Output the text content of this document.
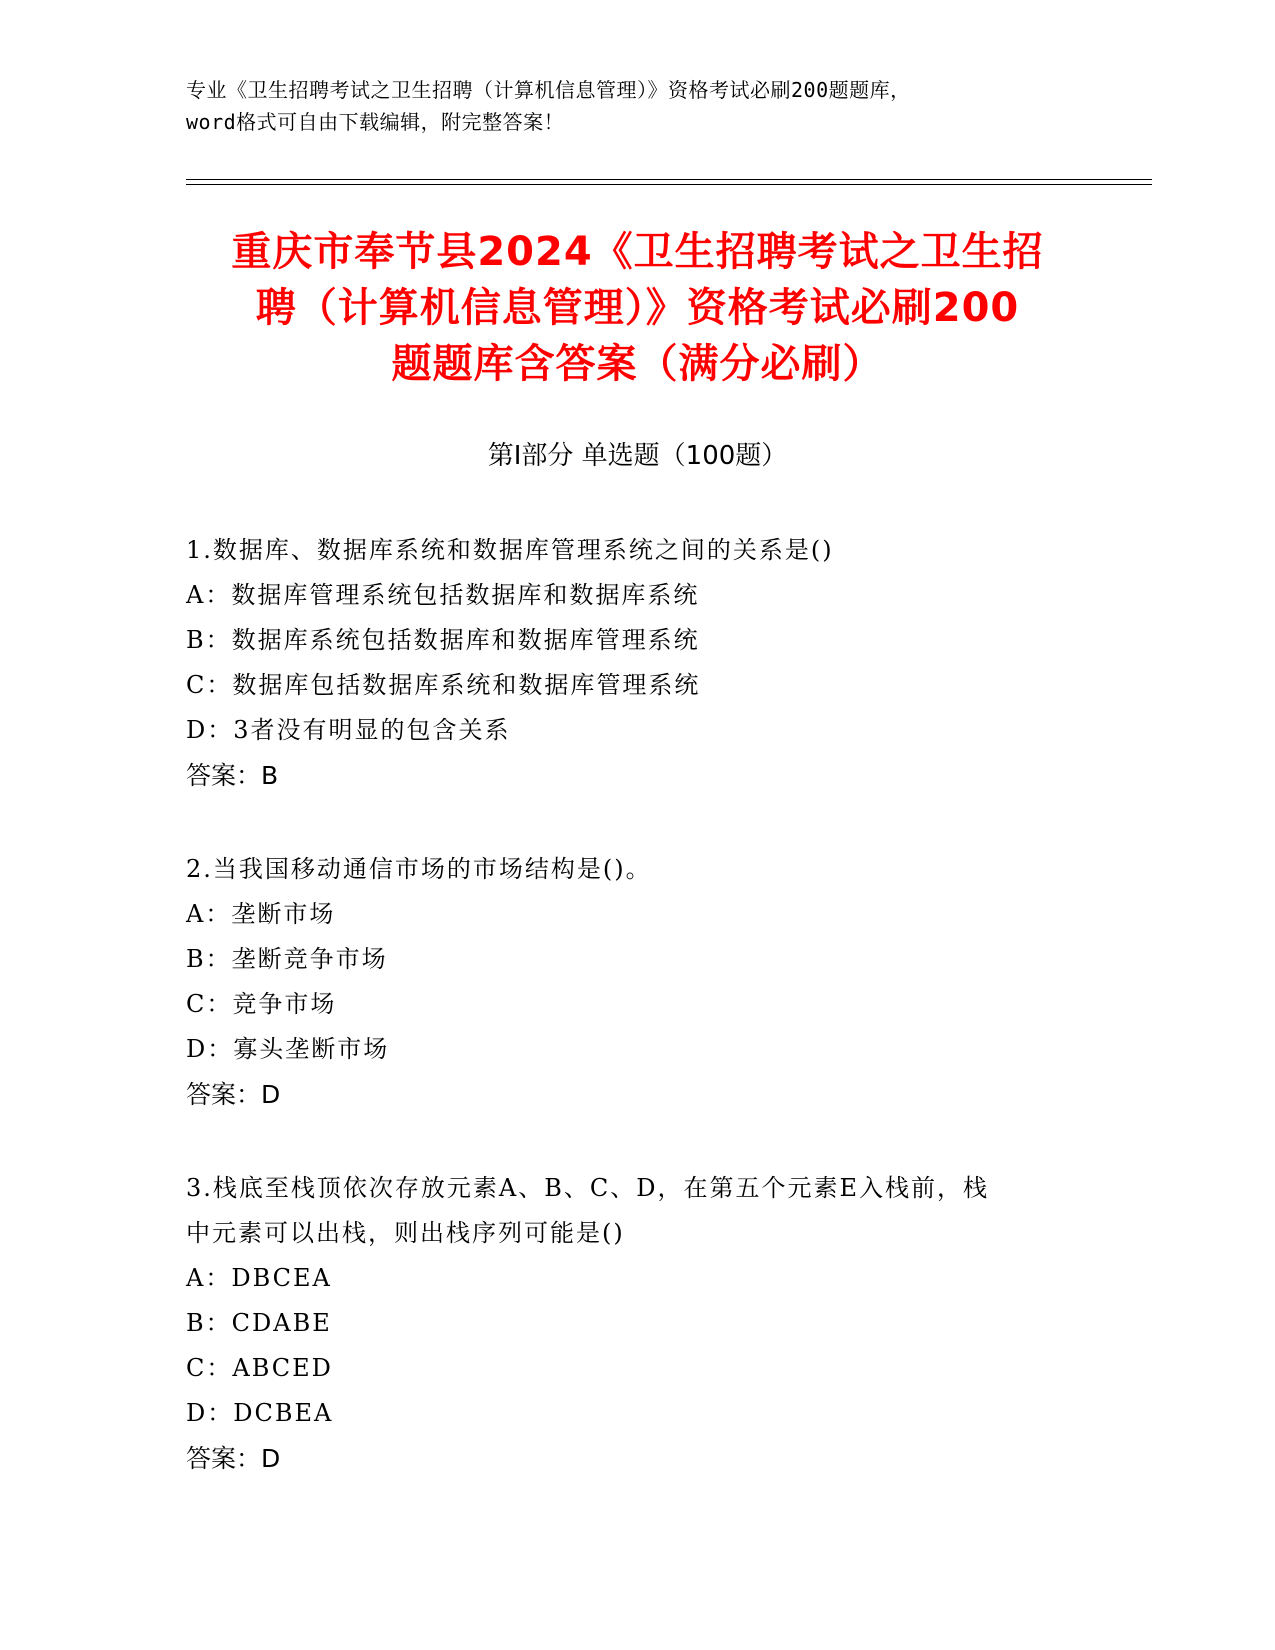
专业《卫生招聘考试之卫生招聘（计算机信息管理）》资格考试必刷200题题库，
word格式可自由下载编辑，附完整答案！
重庆市奉节县2024《卫生招聘考试之卫生招
聘（计算机信息管理）》资格考试必刷200
题题库含答案（满分必刷）
第Ⅰ部分 单选题（100题）
1.数据库、数据库系统和数据库管理系统之间的关系是()
A：数据库管理系统包括数据库和数据库系统
B：数据库系统包括数据库和数据库管理系统
C：数据库包括数据库系统和数据库管理系统
D：3者没有明显的包含关系
答案：B
2.当我国移动通信市场的市场结构是()。
A：垄断市场
B：垄断竞争市场
C：竞争市场
D：寡头垄断市场
答案：D
3.栈底至栈顶依次存放元素A、B、C、D，在第五个元素E入栈前，栈
中元素可以出栈，则出栈序列可能是()
A：DBCEA
B：CDABE
C：ABCED
D：DCBEA
答案：D
